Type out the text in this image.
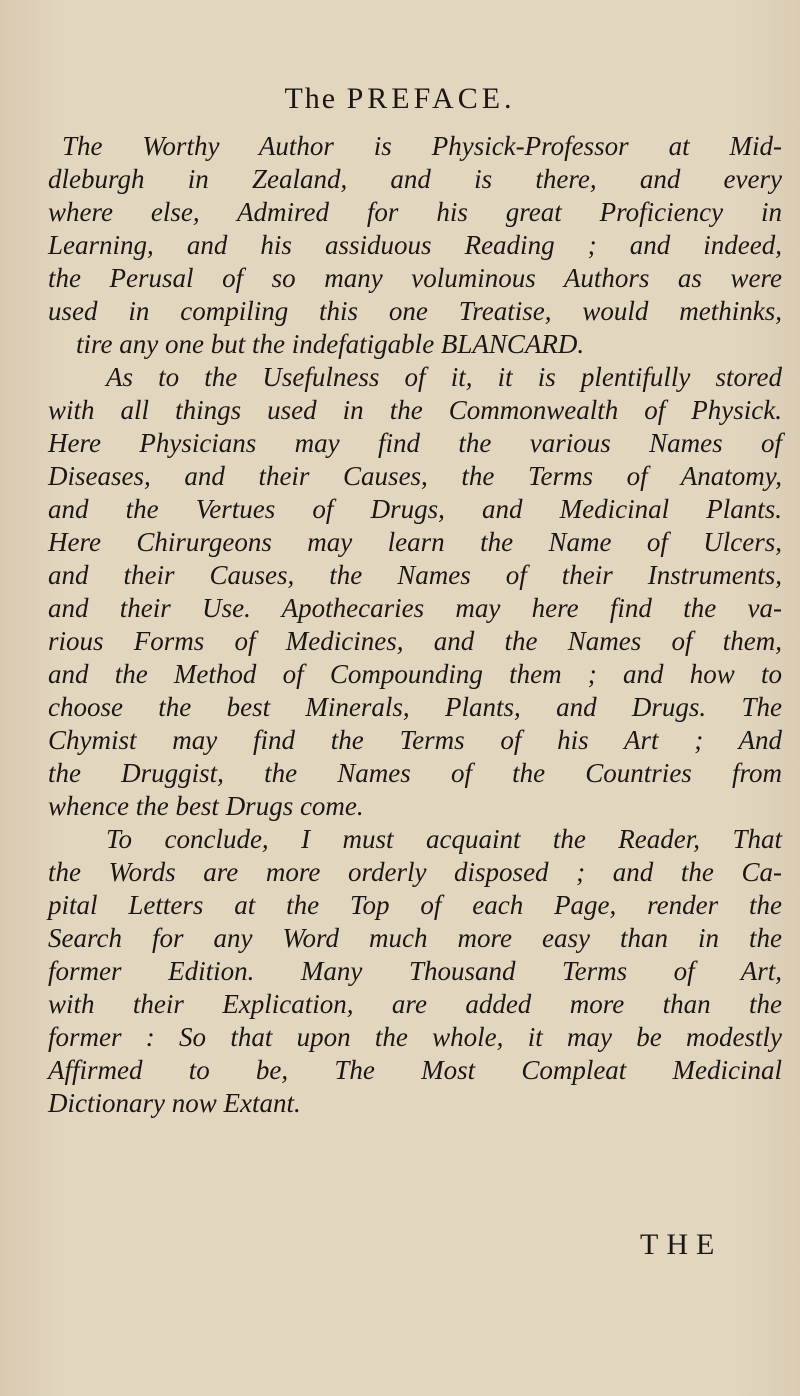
The PREFACE.
The Worthy Author is Physick-Professor at Mid-
dleburgh in Zealand, and is there, and every
where else, Admired for his great Proficiency in
Learning, and his assiduous Reading ; and indeed,
the Perusal of so many voluminous Authors as were
used in compiling this one Treatise, would methinks,
tire any one but the indefatigable BLANCARD.
As to the Usefulness of it, it is plentifully stored
with all things used in the Commonwealth of Physick.
Here Physicians may find the various Names of
Diseases, and their Causes, the Terms of Anatomy,
and the Vertues of Drugs, and Medicinal Plants.
Here Chirurgeons may learn the Name of Ulcers,
and their Causes, the Names of their Instruments,
and their Use. Apothecaries may here find the va-
rious Forms of Medicines, and the Names of them,
and the Method of Compounding them ; and how to
choose the best Minerals, Plants, and Drugs. The
Chymist may find the Terms of his Art ; And
the Druggist, the Names of the Countries from
whence the best Drugs come.
To conclude, I must acquaint the Reader, That
the Words are more orderly disposed ; and the Ca-
pital Letters at the Top of each Page, render the
Search for any Word much more easy than in the
former Edition. Many Thousand Terms of Art,
with their Explication, are added more than the
former : So that upon the whole, it may be modestly
Affirmed to be, The Most Compleat Medicinal
Dictionary now Extant.
THE
